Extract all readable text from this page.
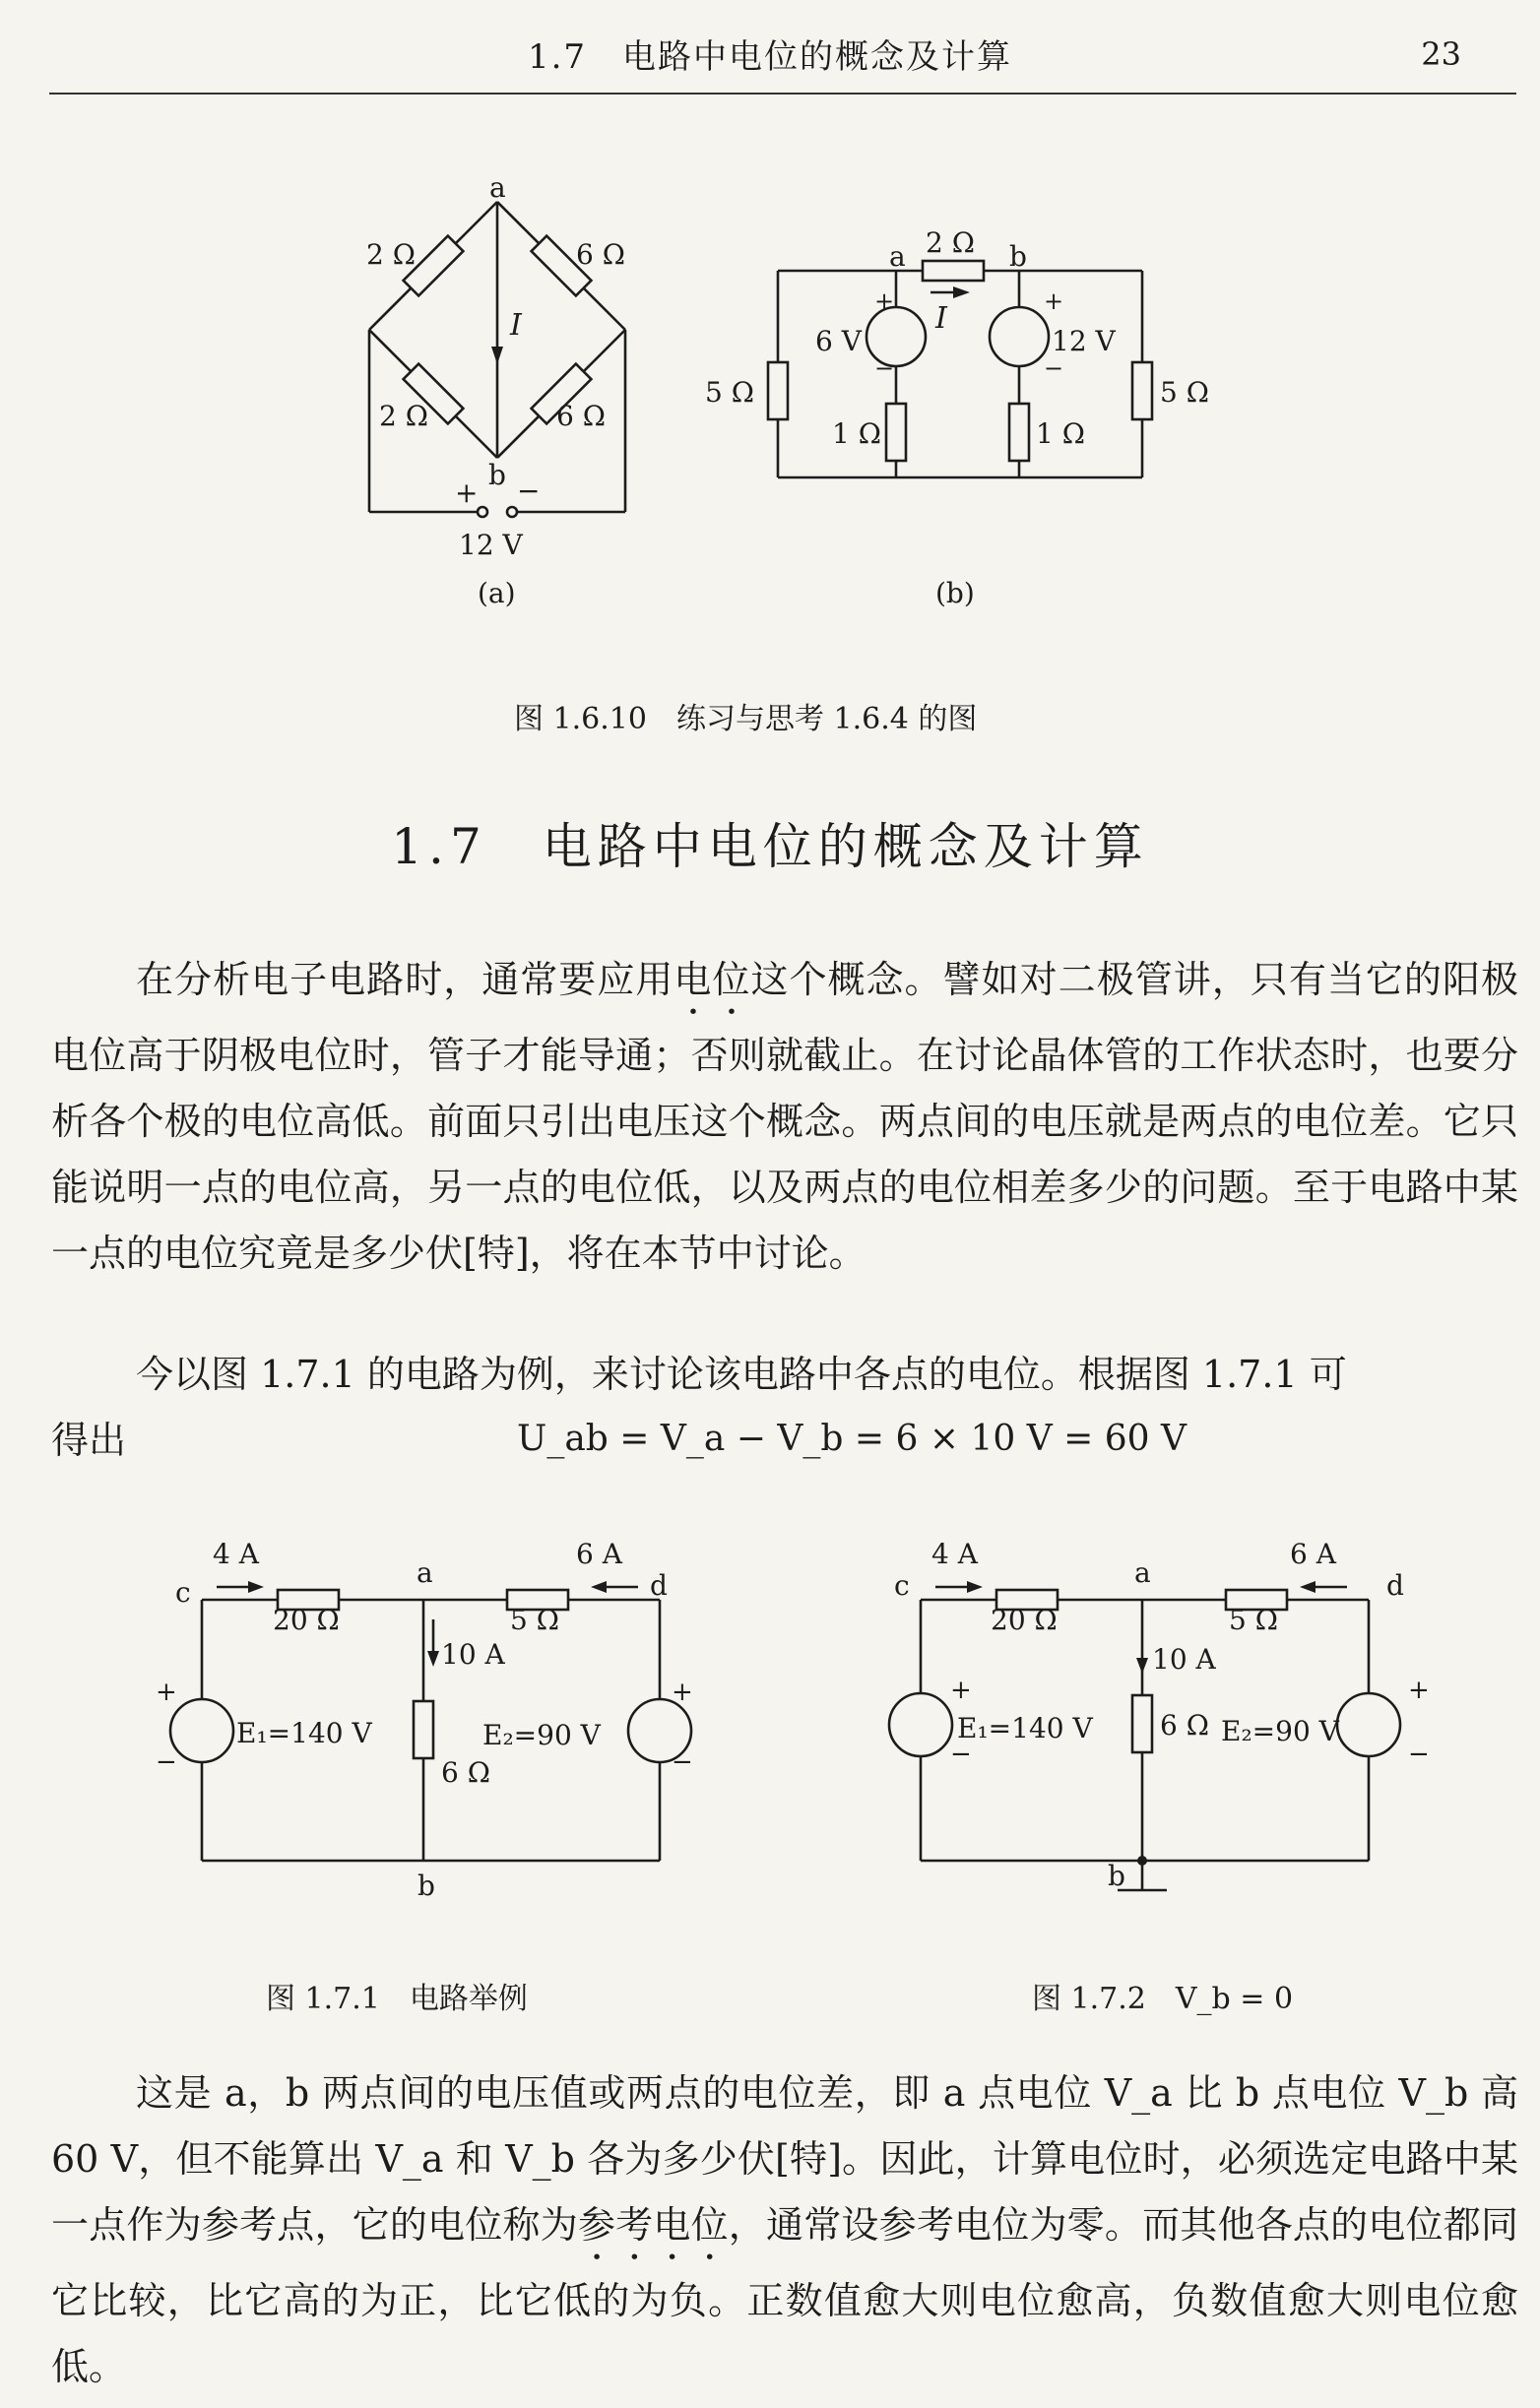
1.7　电路中电位的概念及计算	23
a
b
2 Ω	6 Ω
2 Ω	6 Ω
I
+ −
12 V
(a)
a	b
2 Ω
I
6 V	12 V
+
−
+
−
5 Ω	5 Ω
1 Ω	1 Ω
(b)
图 1.6.10　练习与思考 1.6.4 的图
c
a	d
b
4 A	6 A
10 A
20 Ω	5 Ω
6 Ω
E₁=140 V	E₂=90 V
+
−
+
−
图 1.7.1　电路举例
c	a	d
b
4 A	6 A
10 A
20 Ω	5 Ω
6 Ω
E₁=140 V	E₂=90 V
+
−
+
−
图 1.7.2　V_b = 0
1.7　电路中电位的概念及计算
在分析电子电路时，通常要应用电位这个概念。譬如对二极管讲，只有当它的阳极电位高于阴极电位时，管子才能导通；否则就截止。在讨论晶体管的工作状态时，也要分析各个极的电位高低。前面只引出电压这个概念。两点间的电压就是两点的电位差。它只能说明一点的电位高，另一点的电位低，以及两点的电位相差多少的问题。至于电路中某一点的电位究竟是多少伏[特]，将在本节中讨论。
今以图 1.7.1 的电路为例，来讨论该电路中各点的电位。根据图 1.7.1 可
得出	U_ab = V_a − V_b = 6 × 10 V = 60 V
这是 a，b 两点间的电压值或两点的电位差，即 a 点电位 V_a 比 b 点电位 V_b 高 60 V，但不能算出 V_a 和 V_b 各为多少伏[特]。因此，计算电位时，必须选定电路中某一点作为参考点，它的电位称为参考电位，通常设参考电位为零。而其他各点的电位都同它比较，比它高的为正，比它低的为负。正数值愈大则电位愈高，负数值愈大则电位愈低。
